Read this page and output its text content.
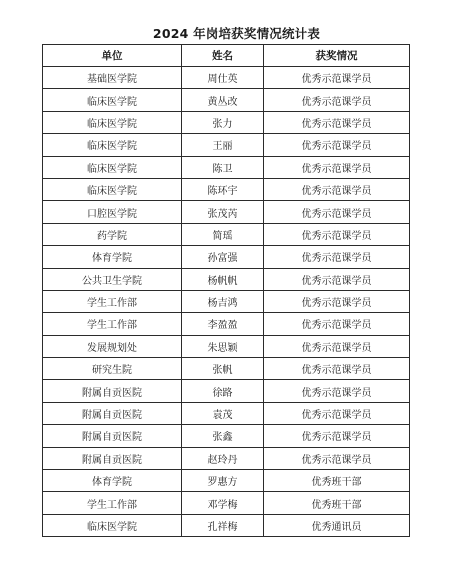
2024 年岗培获奖情况统计表
单位	姓名	获奖情况
基础医学院	周仕英	优秀示范课学员
临床医学院	黄丛改	优秀示范课学员
临床医学院	张力	优秀示范课学员
临床医学院	王丽	优秀示范课学员
临床医学院	陈卫	优秀示范课学员
临床医学院	陈环宇	优秀示范课学员
口腔医学院	张茂芮	优秀示范课学员
药学院	简瑶	优秀示范课学员
体育学院	孙富强	优秀示范课学员
公共卫生学院	杨帆帆	优秀示范课学员
学生工作部	杨吉鸿	优秀示范课学员
学生工作部	李盈盈	优秀示范课学员
发展规划处	朱思颖	优秀示范课学员
研究生院	张帆	优秀示范课学员
附属自贡医院	徐路	优秀示范课学员
附属自贡医院	袁茂	优秀示范课学员
附属自贡医院	张鑫	优秀示范课学员
附属自贡医院	赵玲丹	优秀示范课学员
体育学院	罗惠方	优秀班干部
学生工作部	邓学梅	优秀班干部
临床医学院	孔祥梅	优秀通讯员
